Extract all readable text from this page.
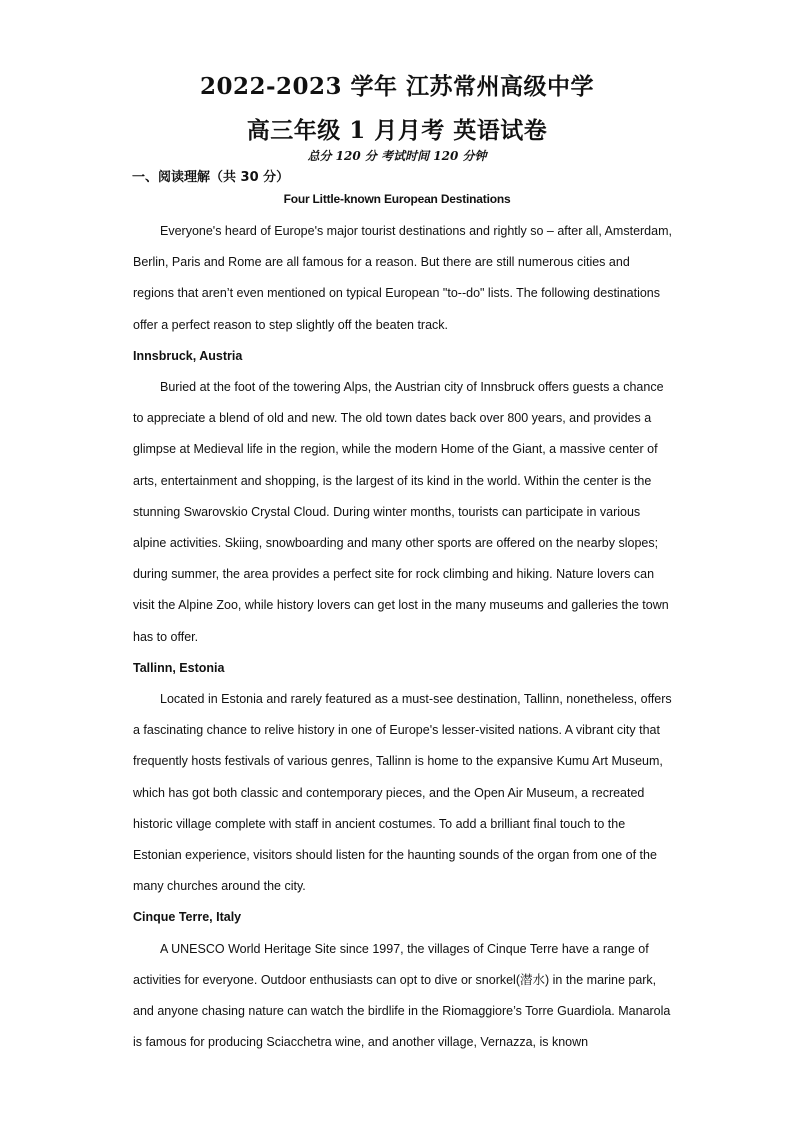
2022-2023 学年 江苏常州高级中学
高三年级 1 月月考 英语试卷
总分 120 分 考试时间 120 分钟
一、阅读理解（共 30 分）
Four Little-known European Destinations

Everyone's heard of Europe's major tourist destinations and rightly so – after all, Amsterdam, Berlin, Paris and Rome are all famous for a reason. But there are still numerous cities and regions that aren’t even mentioned on typical European "to--do" lists. The following destinations offer a perfect reason to step slightly off the beaten track.

Innsbruck, Austria

Buried at the foot of the towering Alps, the Austrian city of Innsbruck offers guests a chance to appreciate a blend of old and new. The old town dates back over 800 years, and provides a glimpse at Medieval life in the region, while the modern Home of the Giant, a massive center of arts, entertainment and shopping, is the largest of its kind in the world. Within the center is the stunning Swarovskio Crystal Cloud. During winter months, tourists can participate in various alpine activities. Skiing, snowboarding and many other sports are offered on the nearby slopes; during summer, the area provides a perfect site for rock climbing and hiking. Nature lovers can visit the Alpine Zoo, while history lovers can get lost in the many museums and galleries the town has to offer.

Tallinn, Estonia

Located in Estonia and rarely featured as a must-see destination, Tallinn, nonetheless, offers a fascinating chance to relive history in one of Europe's lesser-visited nations. A vibrant city that frequently hosts festivals of various genres, Tallinn is home to the expansive Kumu Art Museum, which has got both classic and contemporary pieces, and the Open Air Museum, a recreated historic village complete with staff in ancient costumes. To add a brilliant final touch to the Estonian experience, visitors should listen for the haunting sounds of the organ from one of the many churches around the city.

Cinque Terre, Italy

A UNESCO World Heritage Site since 1997, the villages of Cinque Terre have a range of activities for everyone. Outdoor enthusiasts can opt to dive or snorkel(潜水) in the marine park, and anyone chasing nature can watch the birdlife in the Riomaggiore’s Torre Guardiola. Manarola is famous for producing Sciacchetra wine, and another village, Vernazza, is known
